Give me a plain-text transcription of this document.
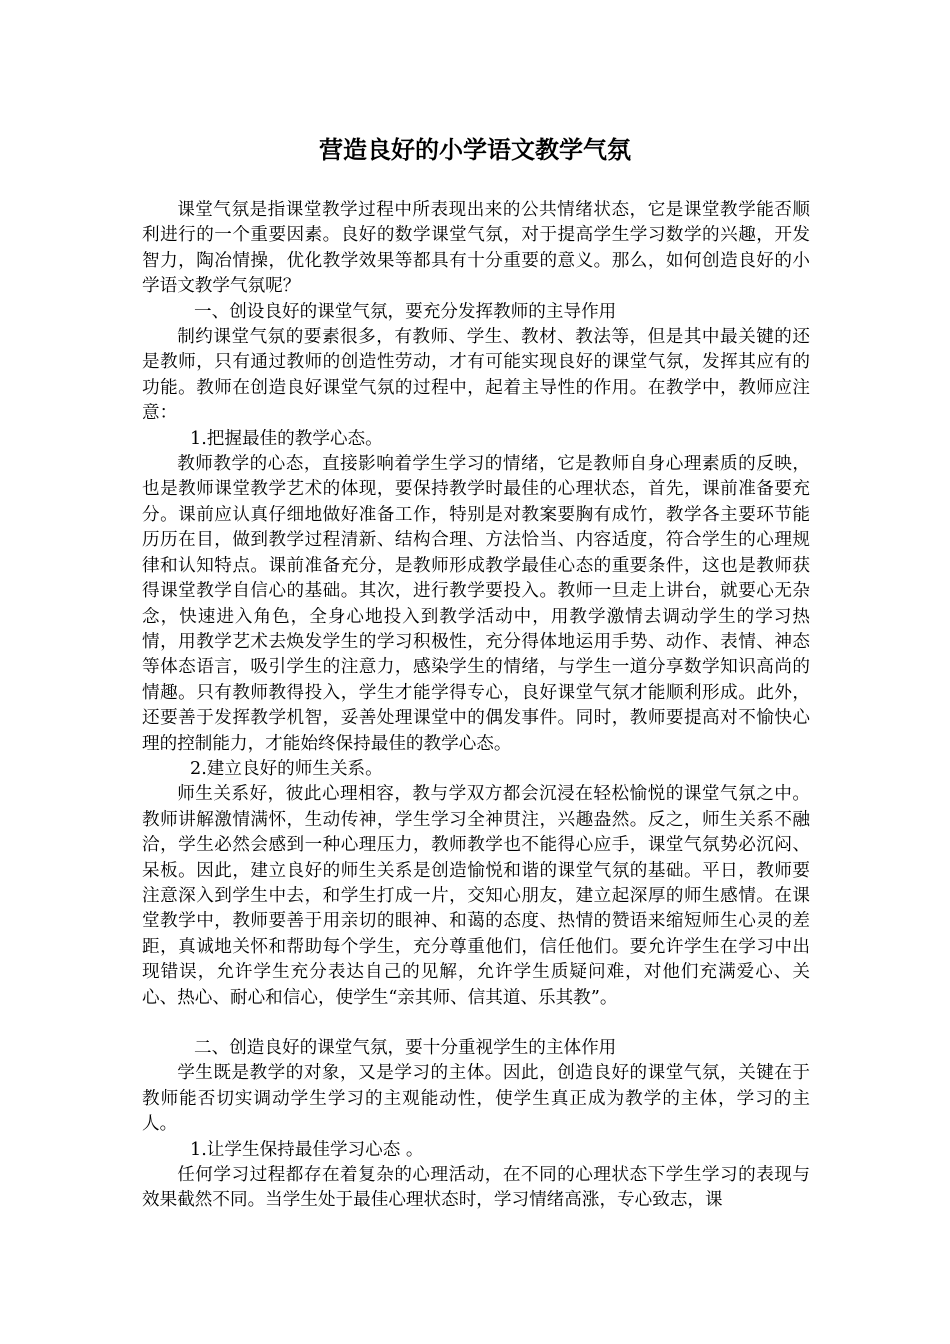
营造良好的小学语文教学气氛

课堂气氛是指课堂教学过程中所表现出来的公共情绪状态，它是课堂教学能否顺利进行的一个重要因素。良好的数学课堂气氛，对于提高学生学习数学的兴趣，开发智力，陶冶情操，优化教学效果等都具有十分重要的意义。那么，如何创造良好的小学语文教学气氛呢？

一、创设良好的课堂气氛，要充分发挥教师的主导作用

制约课堂气氛的要素很多，有教师、学生、教材、教法等，但是其中最关键的还是教师，只有通过教师的创造性劳动，才有可能实现良好的课堂气氛，发挥其应有的功能。教师在创造良好课堂气氛的过程中，起着主导性的作用。在教学中，教师应注意：

1.把握最佳的教学心态。

教师教学的心态，直接影响着学生学习的情绪，它是教师自身心理素质的反映，也是教师课堂教学艺术的体现，要保持教学时最佳的心理状态，首先，课前准备要充分。课前应认真仔细地做好准备工作，特别是对教案要胸有成竹，教学各主要环节能历历在目，做到教学过程清新、结构合理、方法恰当、内容适度，符合学生的心理规律和认知特点。课前准备充分，是教师形成教学最佳心态的重要条件，这也是教师获得课堂教学自信心的基础。其次，进行教学要投入。教师一旦走上讲台，就要心无杂念，快速进入角色，全身心地投入到教学活动中，用教学激情去调动学生的学习热情，用教学艺术去焕发学生的学习积极性，充分得体地运用手势、动作、表情、神态等体态语言，吸引学生的注意力，感染学生的情绪，与学生一道分享数学知识高尚的情趣。只有教师教得投入，学生才能学得专心，良好课堂气氛才能顺利形成。此外，还要善于发挥教学机智，妥善处理课堂中的偶发事件。同时，教师要提高对不愉快心理的控制能力，才能始终保持最佳的教学心态。

2.建立良好的师生关系。

师生关系好，彼此心理相容，教与学双方都会沉浸在轻松愉悦的课堂气氛之中。教师讲解激情满怀，生动传神，学生学习全神贯注，兴趣盎然。反之，师生关系不融洽，学生必然会感到一种心理压力，教师教学也不能得心应手，课堂气氛势必沉闷、呆板。因此，建立良好的师生关系是创造愉悦和谐的课堂气氛的基础。平日，教师要注意深入到学生中去，和学生打成一片，交知心朋友，建立起深厚的师生感情。在课堂教学中，教师要善于用亲切的眼神、和蔼的态度、热情的赞语来缩短师生心灵的差距，真诚地关怀和帮助每个学生，充分尊重他们，信任他们。要允许学生在学习中出现错误，允许学生充分表达自己的见解，允许学生质疑问难，对他们充满爱心、关心、热心、耐心和信心，使学生“亲其师、信其道、乐其教”。

二、创造良好的课堂气氛，要十分重视学生的主体作用

学生既是教学的对象，又是学习的主体。因此，创造良好的课堂气氛，关键在于教师能否切实调动学生学习的主观能动性，使学生真正成为教学的主体，学习的主人。

1.让学生保持最佳学习心态 。

任何学习过程都存在着复杂的心理活动，在不同的心理状态下学生学习的表现与效果截然不同。当学生处于最佳心理状态时，学习情绪高涨，专心致志，课
